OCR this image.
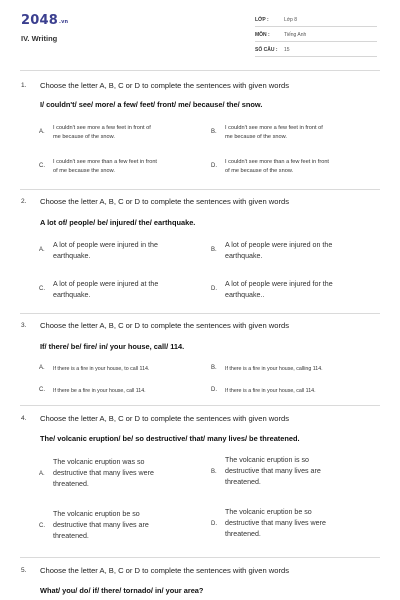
$2048^{.vn}$
IV. Writing
LỚP :	Lớp 8
MÔN :	Tiếng Anh
SỐ CÂU : 15
1. Choose the letter A, B, C or D to complete the sentences with given words
I/ couldn't/ see/ more/ a few/ feet/ front/ me/ because/ the/ snow.
A.
I couldn't see more a few feet in front of
me because of the snow.
B.
I couldn't see more a few feet in front of
me because of the snow.
C.
I couldn't see more than a few feet in front
of me because the snow.
D.
I couldn't see more than a few feet in front
of me because of the snow.
2. Choose the letter A, B, C or D to complete the sentences with given words
A lot of/ people/ be/ injured/ the/ earthquake.
A.
A lot of people were injured in the
earthquake.
B.
A lot of people were injured on the
earthquake.
C.
A lot of people were injured at the
earthquake.
D.
A lot of people were injured for the
earthquake..
3. Choose the letter A, B, C or D to complete the sentences with given words
If/ there/ be/ fire/ in/ your house, call/ 114.
A. If there is a fire in your house, to call 114.	B. If there is a fire in your house, calling 114.
C. If there be a fire in your house, call 114.	D. If there is a fire in your house, call 114.
4. Choose the letter A, B, C or D to complete the sentences with given words
The/ volcanic eruption/ be/ so destructive/ that/ many lives/ be threatened.
A.
The volcanic eruption was so
destructive that many lives were
threatened.
B.
The volcanic eruption is so
destructive that many lives are
threatened.
C.
The volcanic eruption be so
destructive that many lives are
threatened.
D.
The volcanic eruption be so
destructive that many lives were
threatened.
5. Choose the letter A, B, C or D to complete the sentences with given words
What/ you/ do/ if/ there/ tornado/ in/ your area?
